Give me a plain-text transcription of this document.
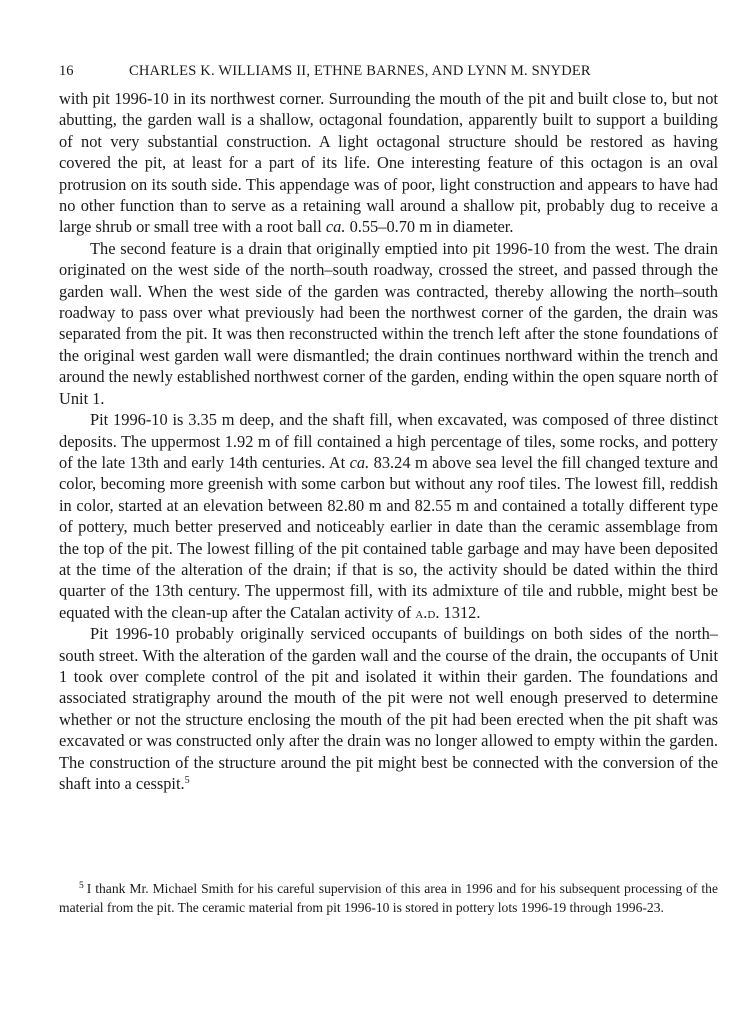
16	CHARLES K. WILLIAMS II, ETHNE BARNES, AND LYNN M. SNYDER

with pit 1996-10 in its northwest corner. Surrounding the mouth of the pit and built close to, but not abutting, the garden wall is a shallow, octagonal foundation, apparently built to support a building of not very substantial construction. A light octagonal structure should be restored as having covered the pit, at least for a part of its life. One interesting feature of this octagon is an oval protrusion on its south side. This appendage was of poor, light construction and appears to have had no other function than to serve as a retaining wall around a shallow pit, probably dug to receive a large shrub or small tree with a root ball ca. 0.55–0.70 m in diameter.

The second feature is a drain that originally emptied into pit 1996-10 from the west. The drain originated on the west side of the north–south roadway, crossed the street, and passed through the garden wall. When the west side of the garden was contracted, thereby allowing the north–south roadway to pass over what previously had been the northwest corner of the garden, the drain was separated from the pit. It was then reconstructed within the trench left after the stone foundations of the original west garden wall were dismantled; the drain continues northward within the trench and around the newly established northwest corner of the garden, ending within the open square north of Unit 1.

Pit 1996-10 is 3.35 m deep, and the shaft fill, when excavated, was composed of three distinct deposits. The uppermost 1.92 m of fill contained a high percentage of tiles, some rocks, and pottery of the late 13th and early 14th centuries. At ca. 83.24 m above sea level the fill changed texture and color, becoming more greenish with some carbon but without any roof tiles. The lowest fill, reddish in color, started at an elevation between 82.80 m and 82.55 m and contained a totally different type of pottery, much better preserved and noticeably earlier in date than the ceramic assemblage from the top of the pit. The lowest filling of the pit contained table garbage and may have been deposited at the time of the alteration of the drain; if that is so, the activity should be dated within the third quarter of the 13th century. The uppermost fill, with its admixture of tile and rubble, might best be equated with the clean-up after the Catalan activity of a.d. 1312.

Pit 1996-10 probably originally serviced occupants of buildings on both sides of the north–south street. With the alteration of the garden wall and the course of the drain, the occupants of Unit 1 took over complete control of the pit and isolated it within their garden. The foundations and associated stratigraphy around the mouth of the pit were not well enough preserved to determine whether or not the structure enclosing the mouth of the pit had been erected when the pit shaft was excavated or was constructed only after the drain was no longer allowed to empty within the garden. The construction of the structure around the pit might best be connected with the conversion of the shaft into a cesspit.$^5$

$^5$ I thank Mr. Michael Smith for his careful supervision of this area in 1996 and for his subsequent processing of the material from the pit. The ceramic material from pit 1996-10 is stored in pottery lots 1996-19 through 1996-23.
